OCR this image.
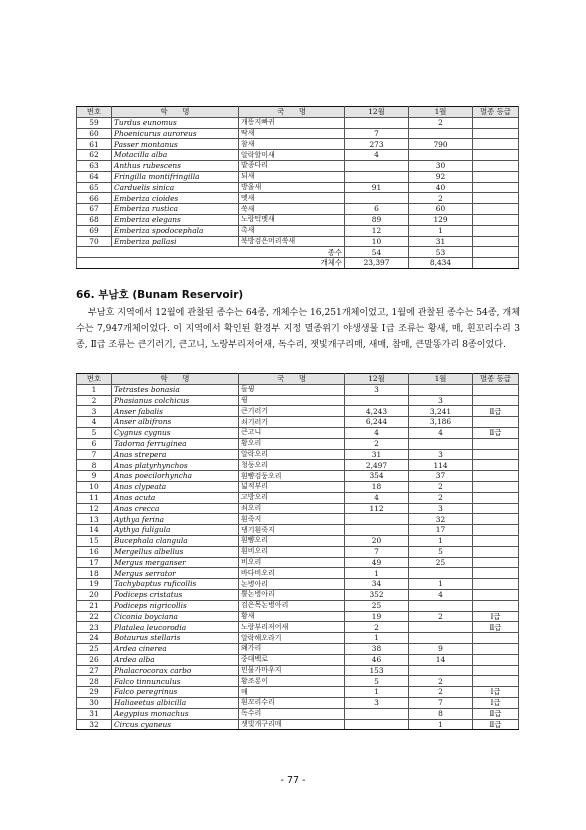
번호	학　　명	국　　명	12월	1월	멸종 등급
59	Turdus eunomus	개똥지빠귀		2	
60	Phoenicurus auroreus	딱새	7		
61	Passer montanus	참새	273	790	
62	Motacilla alba	알락할미새	4		
63	Anthus rubescens	밭종다리		30	
64	Fringilla montifringilla	되새		92	
65	Carduelis sinica	방울새	91	40	
66	Emberiza cioides	멧새		2	
67	Emberiza rustica	쑥새	6	60	
68	Emberiza elegans	노랑턱멧새	89	129	
69	Emberiza spodocephala	촉새	12	1	
70	Emberiza pallasi	북방검은머리쑥새	10	31	
종수			54	53	
개체수			23,397	8,434	
66. 부남호 (Bunam Reservoir)

부남호 지역에서 12월에 관찰된 종수는 64종, 개체수는 16,251개체이었고, 1월에 관찰된 종수는 54종, 개체수는 7,947개체이었다. 이 지역에서 확인된 환경부 지정 멸종위기 야생생물 Ⅰ급 조류는 황새, 매, 흰꼬리수리 3종, Ⅱ급 조류는 큰기러기, 큰고니, 노랑부리저어새, 독수리, 잿빛개구리매, 새매, 참매, 큰말똥가리 8종이었다.

번호	학　　명	국　　명	12월	1월	멸종 등급
1	Tetrastes bonasia	들꿩	3		
2	Phasianus colchicus	꿩		3	
3	Anser fabalis	큰기러기	4,243	3,241	Ⅱ급
4	Anser albifrons	쇠기러기	6,244	3,186	
5	Cygnus cygnus	큰고니	4	4	Ⅱ급
6	Tadorna ferruginea	황오리	2		
7	Anas strepera	알락오리	31	3	
8	Anas platyrhynchos	청둥오리	2,497	114	
9	Anas poecilorhyncha	흰뺨검둥오리	354	37	
10	Anas clypeata	넓적부리	18	2	
11	Anas acuta	고방오리	4	2	
12	Anas crecca	쇠오리	112	3	
13	Aythya ferina	흰죽지		32	
14	Aythya fuligula	댕기흰죽지		17	
15	Bucephala clangula	흰뺨오리	20	1	
16	Mergellus albellus	흰비오리	7	5	
17	Mergus merganser	비오리	49	25	
18	Mergus serrator	바다비오리	1		
19	Tachybaptus ruficollis	논병아리	34	1	
20	Podiceps cristatus	뿔논병아리	352	4	
21	Podiceps nigricollis	검은목논병아리	25		
22	Ciconia boyciana	황새	19	2	Ⅰ급
23	Platalea leucorodia	노랑부리저어새	2		Ⅱ급
24	Botaurus stellaris	알락해오라기	1		
25	Ardea cinerea	왜가리	38	9	
26	Ardea alba	중대백로	46	14	
27	Phalacrocorax carbo	민물가마우지	153		
28	Falco tinnunculus	황조롱이	5	2	
29	Falco peregrinus	매	1	2	Ⅰ급
30	Haliaeetus albicilla	흰꼬리수리	3	7	Ⅰ급
31	Aegypius monachus	독수리		8	Ⅱ급
32	Circus cyaneus	잿빛개구리매		1	Ⅱ급
- 77 -
